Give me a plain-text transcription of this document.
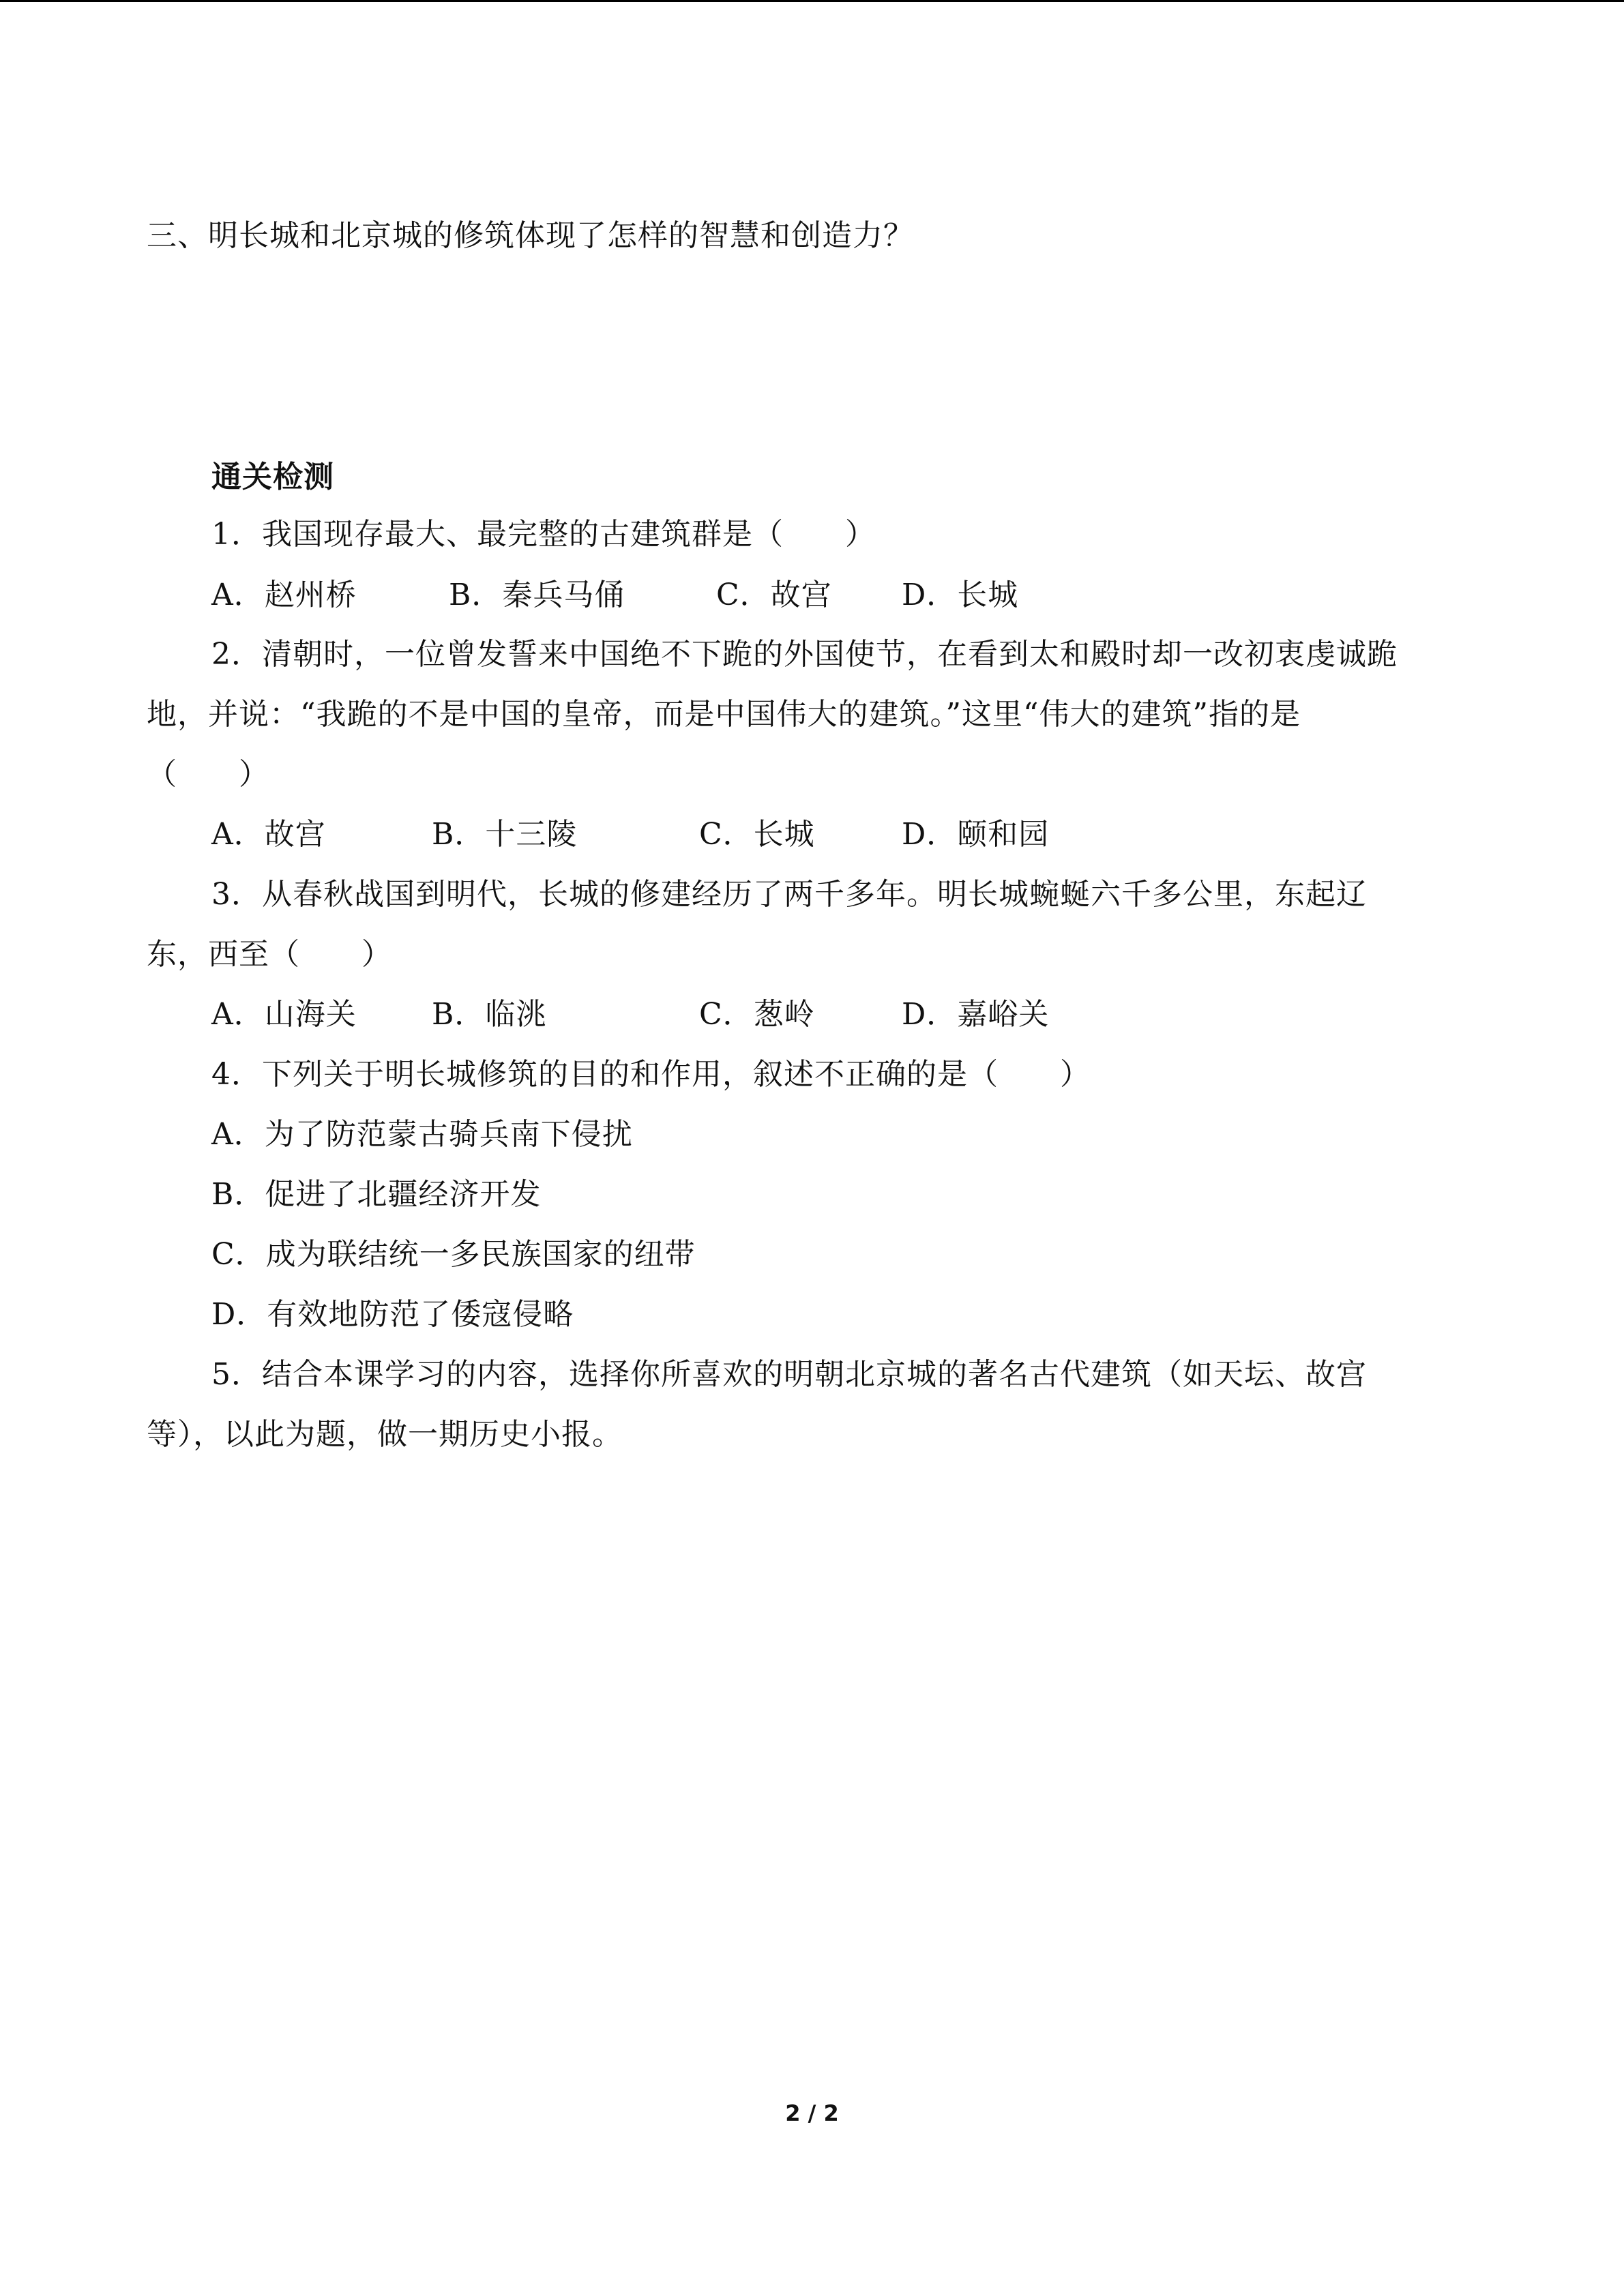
三、明长城和北京城的修筑体现了怎样的智慧和创造力？
通关检测
1．我国现存最大、最完整的古建筑群是（　　）
A．赵州桥	B．秦兵马俑	C．故宫 D．长城
2．清朝时，一位曾发誓来中国绝不下跪的外国使节，在看到太和殿时却一改初衷虔诚跪
地，并说：“我跪的不是中国的皇帝，而是中国伟大的建筑。”这里“伟大的建筑”指的是
（　　）
A．故宫	B．十三陵	C．长城	D．颐和园
3．从春秋战国到明代，长城的修建经历了两千多年。明长城蜿蜒六千多公里，东起辽
东，西至（　　）
A．山海关	B．临洮	C．葱岭	D．嘉峪关
4．下列关于明长城修筑的目的和作用，叙述不正确的是（　　）
A．为了防范蒙古骑兵南下侵扰
B．促进了北疆经济开发
C．成为联结统一多民族国家的纽带
D．有效地防范了倭寇侵略
5．结合本课学习的内容，选择你所喜欢的明朝北京城的著名古代建筑（如天坛、故宫
等），以此为题，做一期历史小报。
2 / 2
